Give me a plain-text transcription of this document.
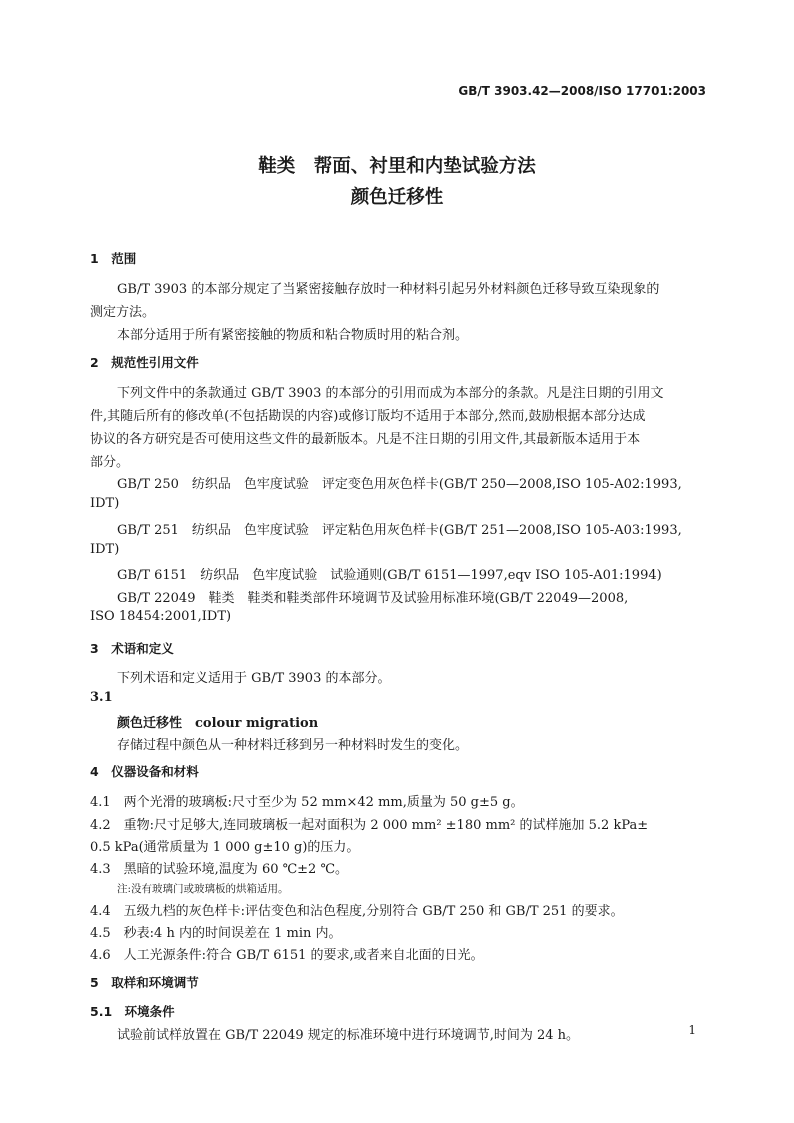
GB/T 3903.42—2008/ISO 17701:2003
鞋类　帮面、衬里和内垫试验方法
颜色迁移性
1　范围
GB/T 3903 的本部分规定了当紧密接触存放时一种材料引起另外材料颜色迁移导致互染现象的
测定方法。
本部分适用于所有紧密接触的物质和粘合物质时用的粘合剂。
2　规范性引用文件
下列文件中的条款通过 GB/T 3903 的本部分的引用而成为本部分的条款。凡是注日期的引用文
件,其随后所有的修改单(不包括勘误的内容)或修订版均不适用于本部分,然而,鼓励根据本部分达成
协议的各方研究是否可使用这些文件的最新版本。凡是不注日期的引用文件,其最新版本适用于本
部分。
GB/T 250　纺织品　色牢度试验　评定变色用灰色样卡(GB/T 250—2008,ISO 105-A02:1993,
IDT)
GB/T 251　纺织品　色牢度试验　评定粘色用灰色样卡(GB/T 251—2008,ISO 105-A03:1993,
IDT)
GB/T 6151　纺织品　色牢度试验　试验通则(GB/T 6151—1997,eqv ISO 105-A01:1994)
GB/T 22049　鞋类　鞋类和鞋类部件环境调节及试验用标准环境(GB/T 22049—2008,
ISO 18454:2001,IDT)
3　术语和定义
下列术语和定义适用于 GB/T 3903 的本部分。
3.1
颜色迁移性　colour migration
存储过程中颜色从一种材料迁移到另一种材料时发生的变化。
4　仪器设备和材料
4.1　两个光滑的玻璃板:尺寸至少为 52 mm×42 mm,质量为 50 g±5 g。
4.2　重物:尺寸足够大,连同玻璃板一起对面积为 2 000 mm² ±180 mm² 的试样施加 5.2 kPa±
0.5 kPa(通常质量为 1 000 g±10 g)的压力。
4.3　黑暗的试验环境,温度为 60 ℃±2 ℃。
注:没有玻璃门或玻璃板的烘箱适用。
4.4　五级九档的灰色样卡:评估变色和沾色程度,分别符合 GB/T 250 和 GB/T 251 的要求。
4.5　秒表:4 h 内的时间误差在 1 min 内。
4.6　人工光源条件:符合 GB/T 6151 的要求,或者来自北面的日光。
5　取样和环境调节
5.1　环境条件
试验前试样放置在 GB/T 22049 规定的标准环境中进行环境调节,时间为 24 h。	1
